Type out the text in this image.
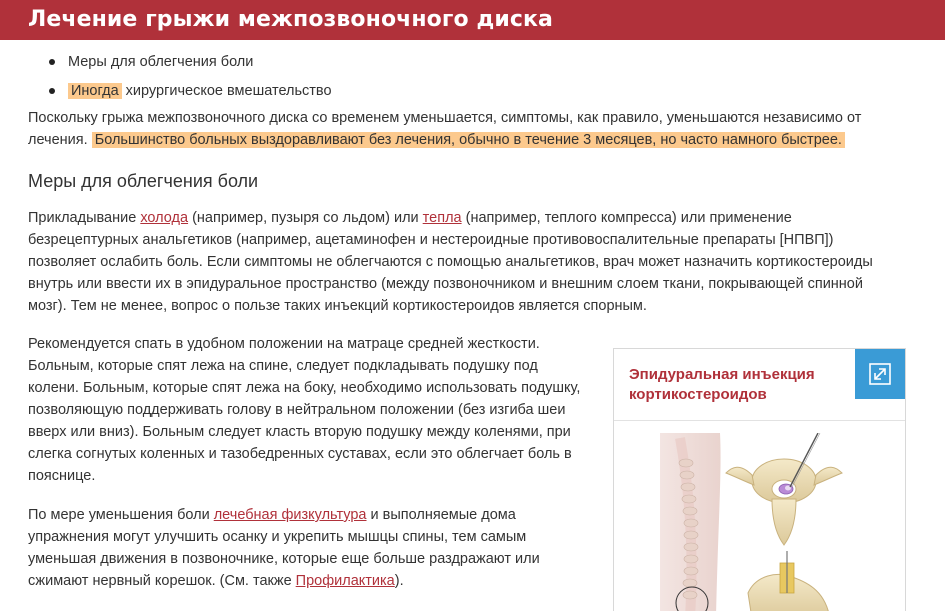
Лечение грыжи межпозвоночного диска
Меры для облегчения боли
Иногда хирургическое вмешательство

Поскольку грыжа межпозвоночного диска со временем уменьшается, симптомы, как правило, уменьшаются независимо от лечения. Большинство больных выздоравливают без лечения, обычно в течение 3 месяцев, но часто намного быстрее.

Меры для облегчения боли

Прикладывание холода (например, пузыря со льдом) или тепла (например, теплого компресса) или применение безрецептурных анальгетиков (например, ацетаминофен и нестероидные противовоспалительные препараты [НПВП]) позволяет ослабить боль. Если симптомы не облегчаются с помощью анальгетиков, врач может назначить кортикостероиды внутрь или ввести их в эпидуральное пространство (между позвоночником и внешним слоем ткани, покрывающей спинной мозг). Тем не менее, вопрос о пользе таких инъекций кортикостероидов является спорным.

Рекомендуется спать в удобном положении на матраце средней жесткости. Больным, которые спят лежа на спине, следует подкладывать подушку под колени. Больным, которые спят лежа на боку, необходимо использовать подушку, позволяющую поддерживать голову в нейтральном положении (без изгиба шеи вверх или вниз). Больным следует класть вторую подушку между коленями, при слегка согнутых коленных и тазобедренных суставах, если это облегчает боль в пояснице.

По мере уменьшения боли лечебная физкультура и выполняемые дома упражнения могут улучшить осанку и укрепить мышцы спины, тем самым уменьшая движения в позвоночнике, которые еще больше раздражают или сжимают нервный корешок. (См. также Профилактика).

Эпидуральная инъекция кортикостероидов
